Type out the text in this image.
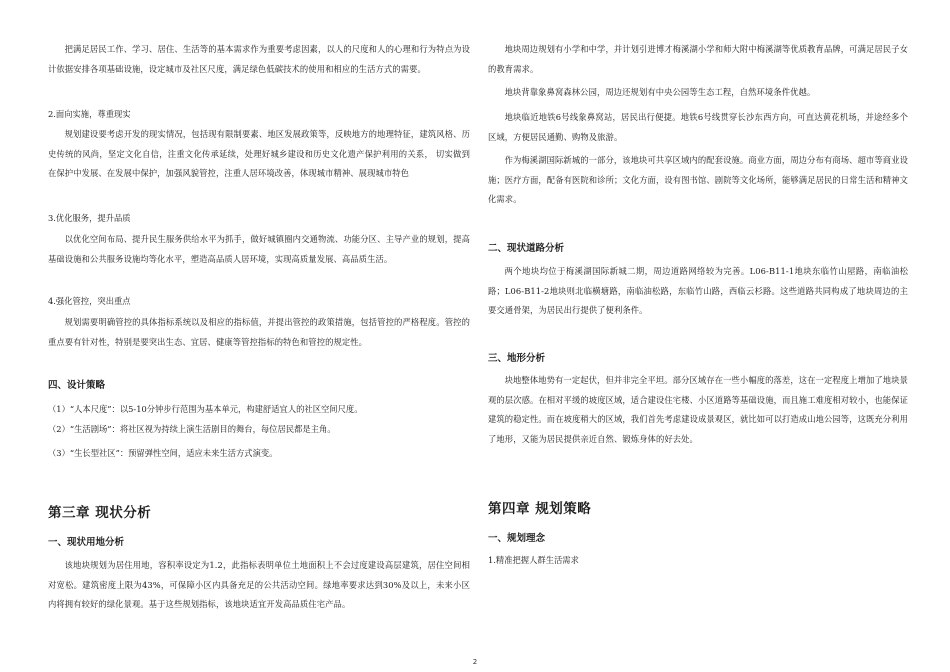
把满足居民工作、学习、居住、生活等的基本需求作为重要考虑因素，以人的尺度和人的心理和行为特点为设计依据安排各项基础设施，设定城市及社区尺度，满足绿色低碳技术的使用和相应的生活方式的需要。

2.面向实施，尊重现实

规划建设要考虑开发的现实情况，包括现有限制要素、地区发展政策等，反映地方的地理特征，建筑风格、历史传统的风尚，坚定文化自信，注重文化传承延续，处理好城乡建设和历史文化遗产保护利用的关系， 切实做到在保护中发展、在发展中保护，加强风貌管控，注重人居环境改善，体现城市精神、展现城市特色

3.优化服务，提升品质

以优化空间布局、提升民生服务供给水平为抓手，做好城镇圈内交通物流、功能分区、主导产业的规划，提高基础设施和公共服务设施均等化水平，塑造高品质人居环境，实现高质量发展、高品质生活。

4.强化管控，突出重点

规划需要明确管控的具体指标系统以及相应的指标值，并提出管控的政策措施，包括管控的严格程度。管控的重点要有针对性，特别是要突出生态、宜居、健康等管控指标的特色和管控的规定性。

四、设计策略
（1）“人本尺度”：以5-10分钟步行范围为基本单元，构建舒适宜人的社区空间尺度。
（2）“生活剧场”：将社区视为持续上演生活剧目的舞台，每位居民都是主角。
（3）“生长型社区”：预留弹性空间，适应未来生活方式演变。
第三章 现状分析
一、现状用地分析

该地块规划为居住用地，容积率设定为1.2，此指标表明单位土地面积上不会过度建设高层建筑，居住空间相对宽松。建筑密度上限为43%，可保障小区内具备充足的公共活动空间。绿地率要求达到30%及以上，未来小区内将拥有较好的绿化景观。基于这些规划指标，该地块适宜开发高品质住宅产品。

地块周边规划有小学和中学，并计划引进博才梅溪湖小学和师大附中梅溪湖等优质教育品牌，可满足居民子女的教育需求。

地块背靠象鼻窝森林公园，周边还规划有中央公园等生态工程，自然环境条件优越。

地块临近地铁6号线象鼻窝站，居民出行便捷。地铁6号线贯穿长沙东西方向，可直达黄花机场，并途经多个区域，方便居民通勤、购物及旅游。

作为梅溪湖国际新城的一部分，该地块可共享区域内的配套设施。商业方面，周边分布有商场、超市等商业设施；医疗方面，配备有医院和诊所；文化方面，设有图书馆、剧院等文化场所，能够满足居民的日常生活和精神文化需求。

二、现状道路分析

两个地块均位于梅溪湖国际新城二期，周边道路网络较为完善。L06-B11-1地块东临竹山屋路，南临油松路；L06-B11-2地块则北临横塘路，南临油松路，东临竹山路，西临云杉路。这些道路共同构成了地块周边的主要交通骨架，为居民出行提供了便利条件。

三、地形分析

块地整体地势有一定起伏，但并非完全平坦。部分区域存在一些小幅度的落差，这在一定程度上增加了地块景观的层次感。在相对平缓的坡度区域，适合建设住宅楼、小区道路等基础设施，而且施工难度相对较小，也能保证建筑的稳定性。而在坡度稍大的区域，我们首先考虑建设成景观区，就比如可以打造成山地公园等，这既充分利用了地形，又能为居民提供亲近自然、锻炼身体的好去处。

第四章 规划策略
一、规划理念
1.精准把握人群生活需求
2
